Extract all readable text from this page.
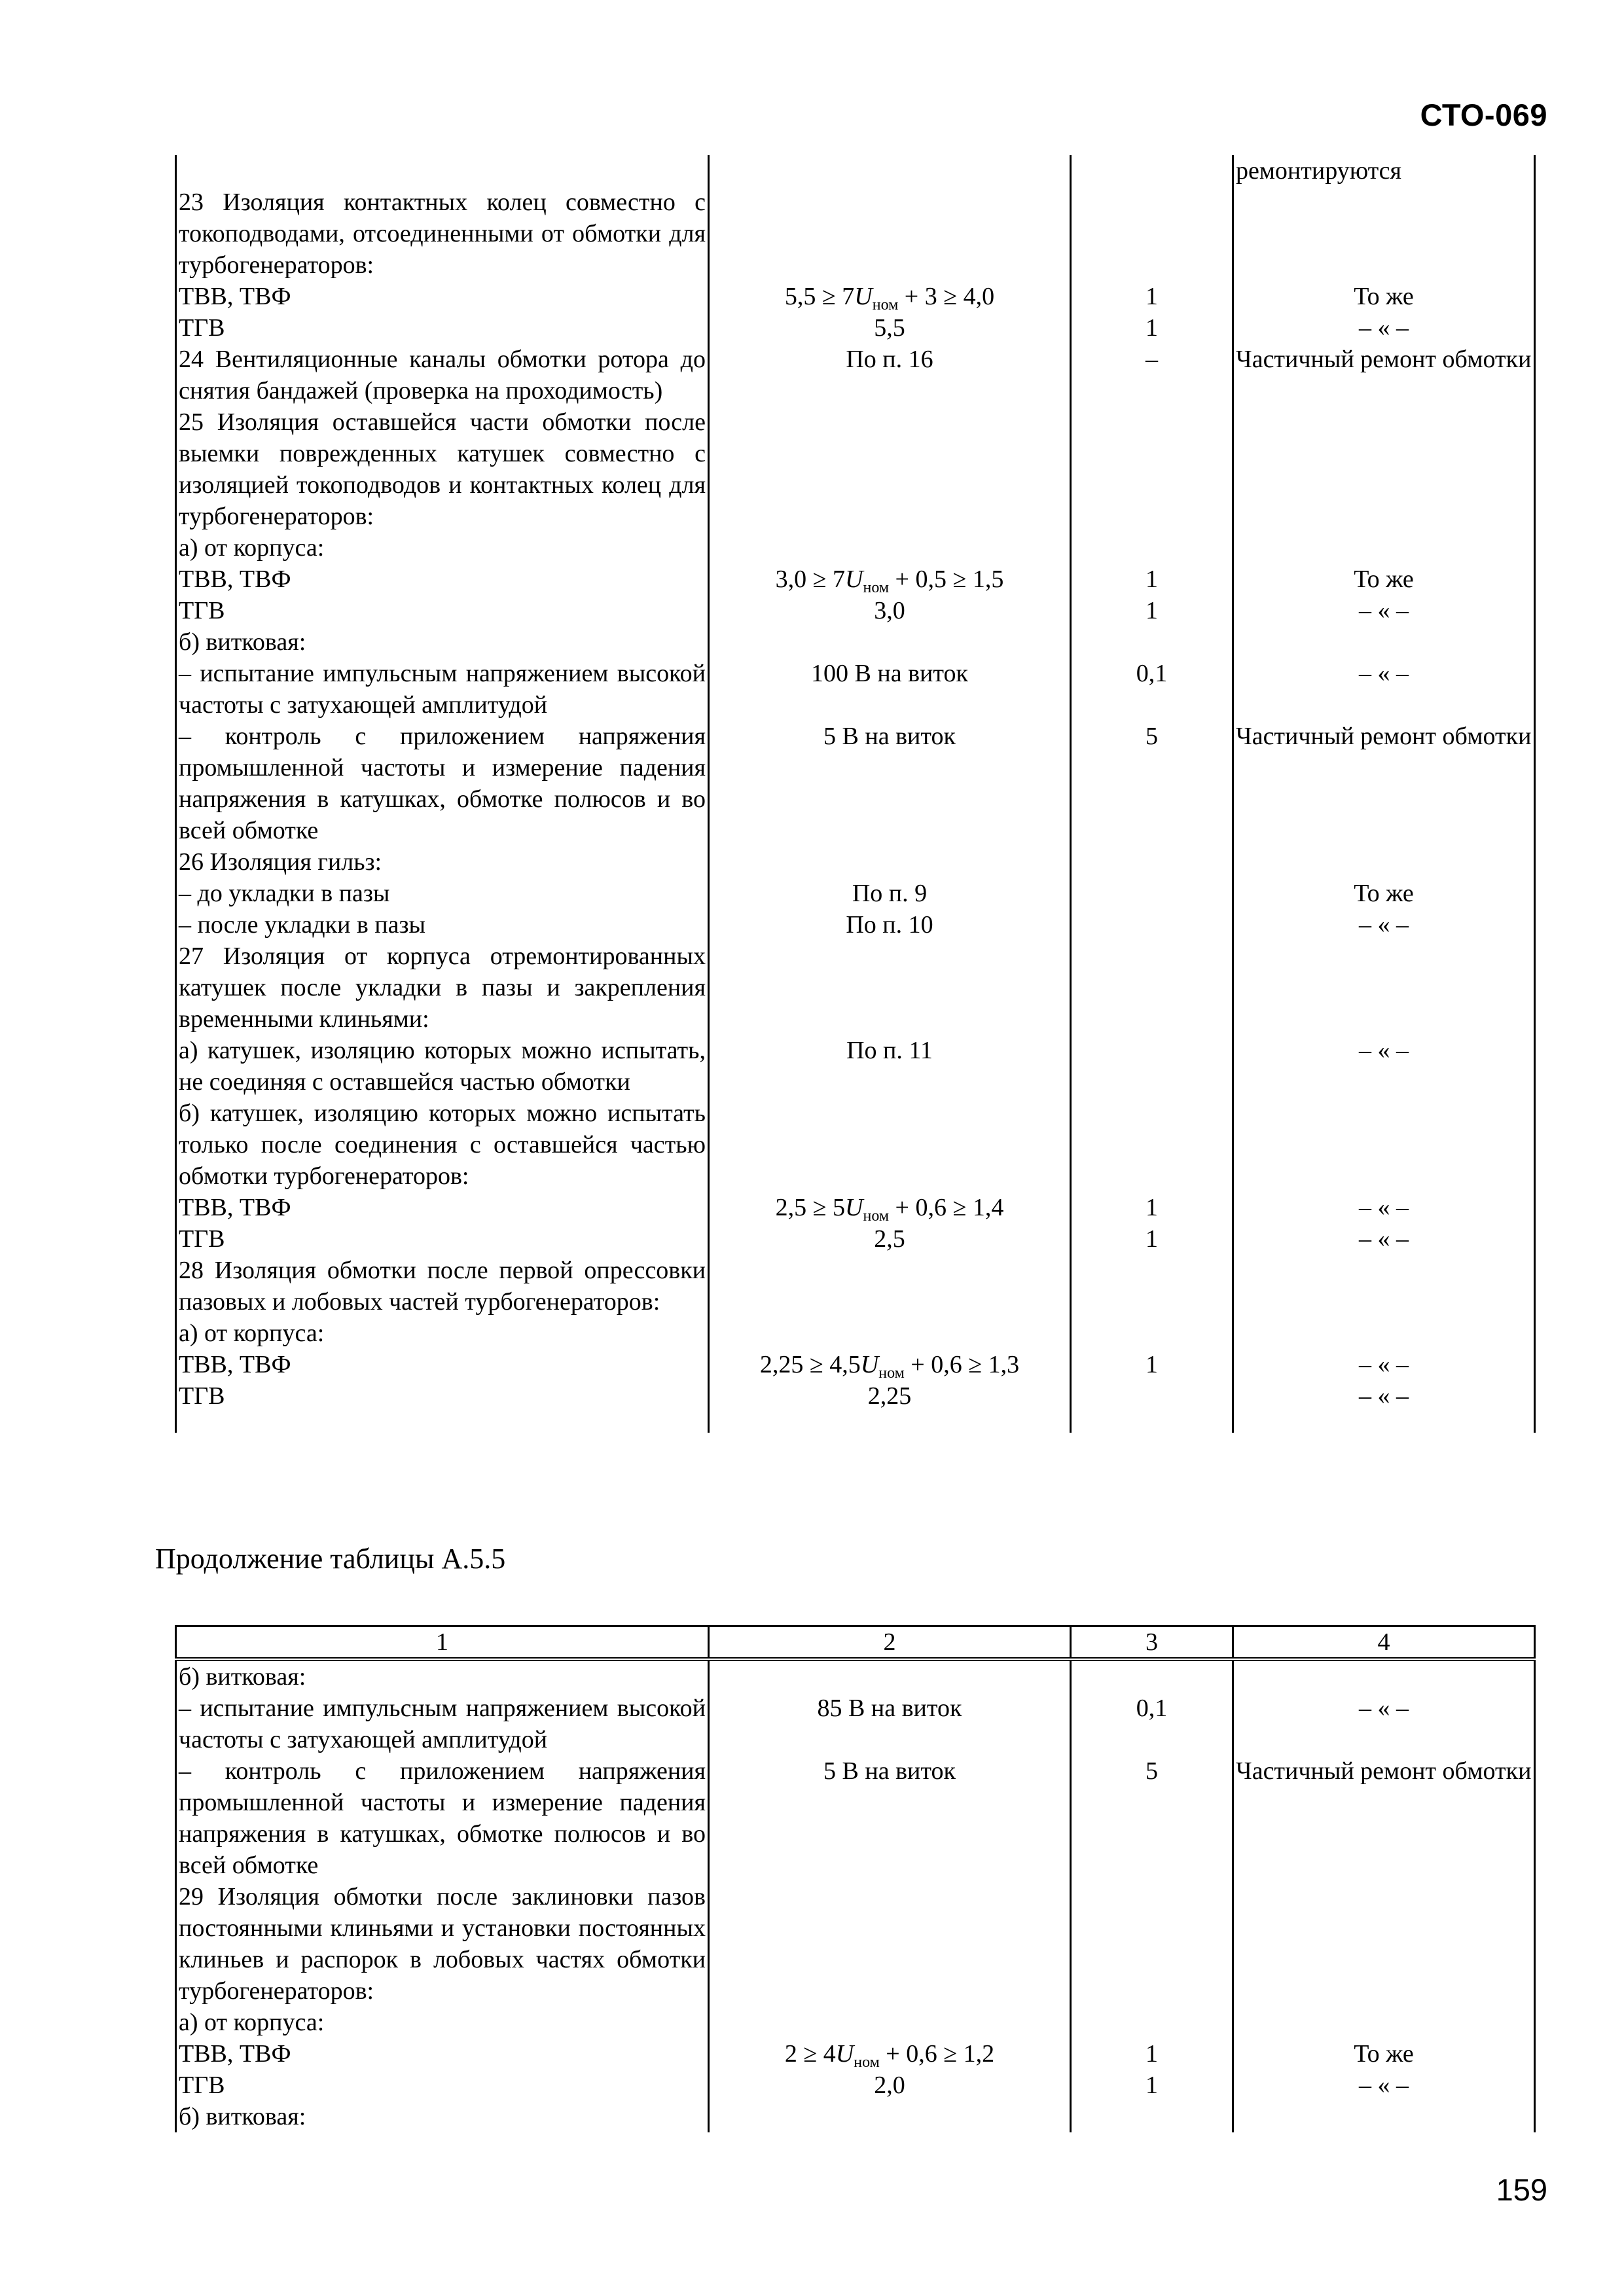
СТО-069
			ремонтируются
23 Изоляция контактных колец совместно с токоподводами, отсоединенными от обмотки для турбогенераторов:			
ТВВ, ТВФ	$5,5 \ge 7U_{ном} + 3 \ge 4,0$	1	То же
ТГВ	5,5	1	– « –
24 Вентиляционные каналы обмотки ротора до снятия бандажей (проверка на проходимость)	По п. 16	–	Частичный ремонт обмотки
25 Изоляция оставшейся части обмотки после выемки поврежденных катушек совместно с изоляцией токоподводов и контактных колец для турбогенераторов:			
а) от корпуса:			
ТВВ, ТВФ	$3,0 \ge 7U_{ном} + 0,5 \ge 1,5$	1	То же
ТГВ	3,0	1	– « –
б) витковая:			
– испытание импульсным напряжением высокой частоты с затухающей амплитудой	100 В на виток	0,1	– « –
– контроль с приложением напряжения промышленной частоты и измерение падения напряжения в катушках, обмотке полюсов и во всей обмотке	5 В на виток	5	Частичный ремонт обмотки
26 Изоляция гильз:			
– до укладки в пазы	По п. 9		То же
– после укладки в пазы	По п. 10		– « –
27 Изоляция от корпуса отремонтированных катушек после укладки в пазы и закрепления временными клиньями:			
а) катушек, изоляцию которых можно испытать, не соединяя с оставшейся частью обмотки	По п. 11		– « –
б) катушек, изоляцию которых можно испытать только после соединения с оставшейся частью обмотки турбогенераторов:			
ТВВ, ТВФ	$2,5 \ge 5U_{ном} + 0,6 \ge 1,4$	1	– « –
ТГВ	2,5	1	– « –
28 Изоляция обмотки после первой опрессовки пазовых и лобовых частей турбогенераторов:			
а) от корпуса:			
ТВВ, ТВФ	$2,25 \ge 4,5U_{ном} + 0,6 \ge 1,3$	1	– « –
ТГВ	2,25		– « –
Продолжение таблицы А.5.5
1	2	3	4
б) витковая:			
– испытание импульсным напряжением высокой частоты с затухающей амплитудой	85 В на виток	0,1	– « –
– контроль с приложением напряжения промышленной частоты и измерение падения напряжения в катушках, обмотке полюсов и во всей обмотке	5 В на виток	5	Частичный ремонт обмотки
29 Изоляция обмотки после заклиновки пазов постоянными клиньями и установки постоянных клиньев и распорок в лобовых частях обмотки турбогенераторов:			
а) от корпуса:			
ТВВ, ТВФ	$2 \ge 4U_{ном} + 0,6 \ge 1,2$	1	То же
ТГВ	2,0	1	– « –
б) витковая:			
159
